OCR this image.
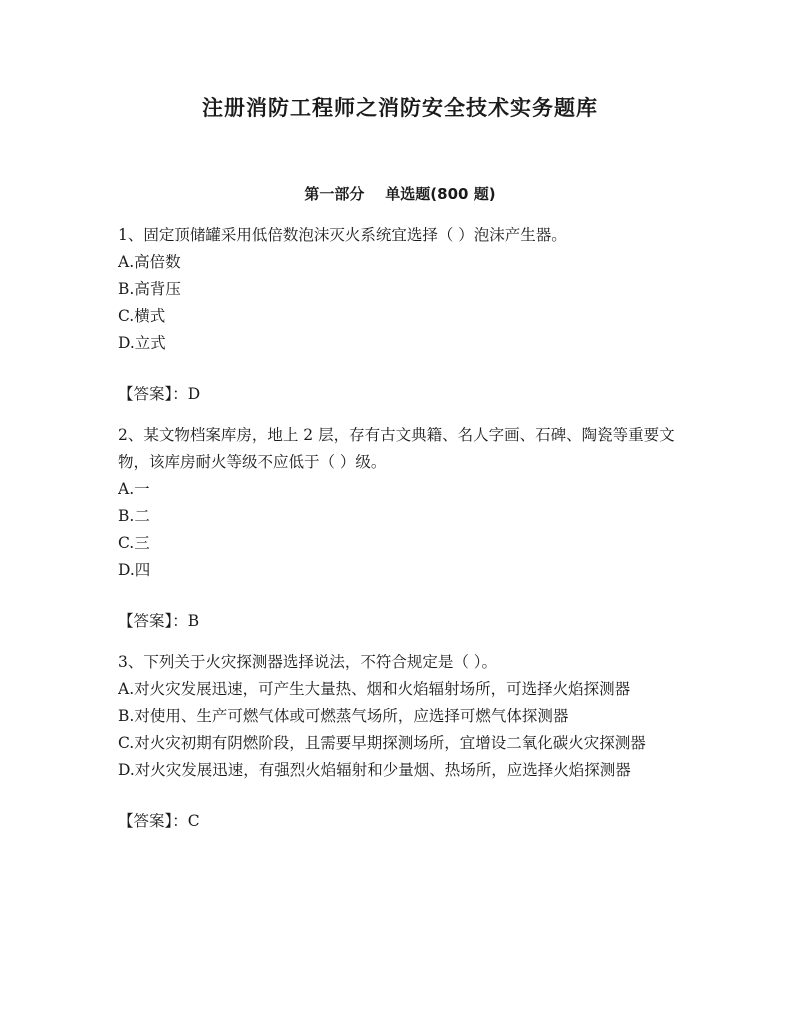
注册消防工程师之消防安全技术实务题库
第一部分    单选题(800 题)

1、固定顶储罐采用低倍数泡沫灭火系统宜选择（ ）泡沫产生器。

A.高倍数

B.高背压

C.横式

D.立式

【答案】：D

2、某文物档案库房，地上 2 层，存有古文典籍、名人字画、石碑、陶瓷等重要文物，该库房耐火等级不应低于（ ）级。

A.一

B.二

C.三

D.四

【答案】：B

3、下列关于火灾探测器选择说法，不符合规定是（ ）。

A.对火灾发展迅速，可产生大量热、烟和火焰辐射场所，可选择火焰探测器

B.对使用、生产可燃气体或可燃蒸气场所，应选择可燃气体探测器

C.对火灾初期有阴燃阶段，且需要早期探测场所，宜增设二氧化碳火灾探测器

D.对火灾发展迅速，有强烈火焰辐射和少量烟、热场所，应选择火焰探测器

【答案】：C
